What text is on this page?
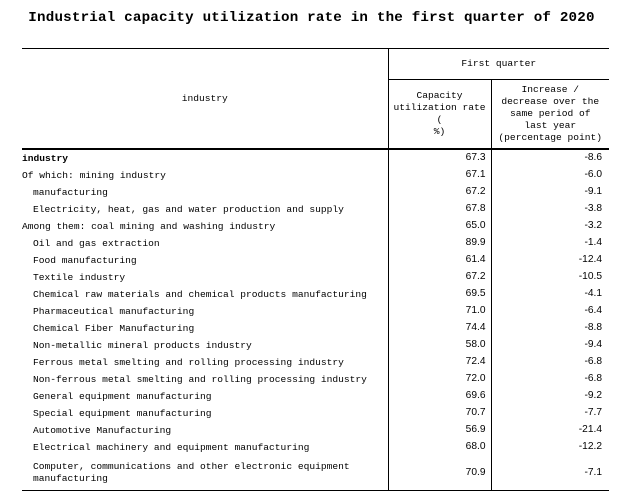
Industrial capacity utilization rate in the first quarter of 2020
industry	First quarter	

	Capacity
utilization rate (
%)	Increase /
decrease over the
same period of
last year
(percentage point)

industry	67.3	-8.6
Of which: mining industry	67.1	-6.0
manufacturing	67.2	-9.1
Electricity, heat, gas and water production and supply	67.8	-3.8
Among them: coal mining and washing industry	65.0	-3.2
Oil and gas extraction	89.9	-1.4
Food manufacturing	61.4	-12.4
Textile industry	67.2	-10.5
Chemical raw materials and chemical products manufacturing	69.5	-4.1
Pharmaceutical manufacturing	71.0	-6.4
Chemical Fiber Manufacturing	74.4	-8.8
Non-metallic mineral products industry	58.0	-9.4
Ferrous metal smelting and rolling processing industry	72.4	-6.8
Non-ferrous metal smelting and rolling processing industry	72.0	-6.8
General equipment manufacturing	69.6	-9.2
Special equipment manufacturing	70.7	-7.7
Automotive Manufacturing	56.9	-21.4
Electrical machinery and equipment manufacturing	68.0	-12.2
Computer, communications and other electronic equipment manufacturing	70.9	-7.1
